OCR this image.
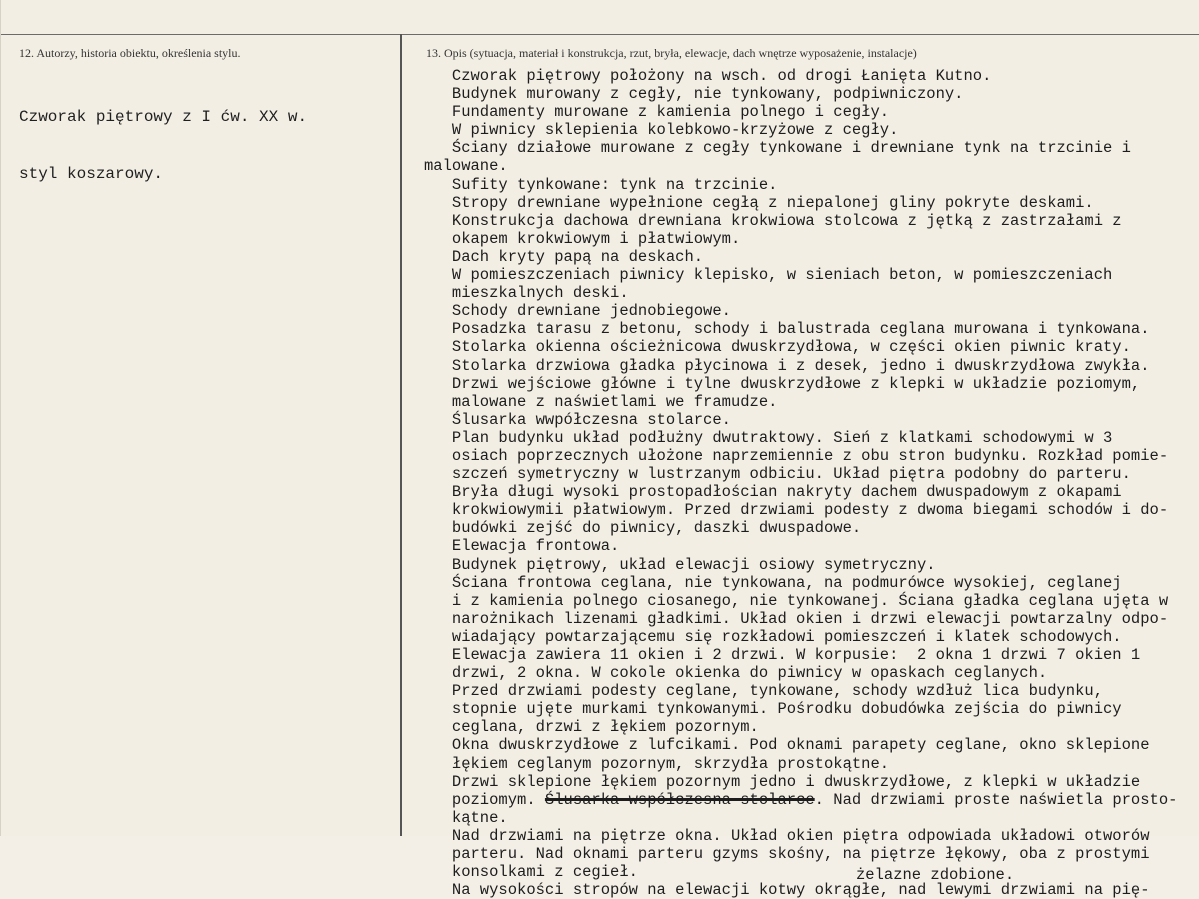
12. Autorzy, historia obiektu, określenia stylu.	13. Opis (sytuacja, materiał i konstrukcja, rzut, bryła, elewacje, dach wnętrze wyposażenie, instalacje)

Czworak piętrowy z I ćw. XX w.

styl koszarowy.

Czworak piętrowy położony na wsch. od drogi Łanięta Kutno.
Budynek murowany z cegły, nie tynkowany, podpiwniczony.
Fundamenty murowane z kamienia polnego i cegły.
W piwnicy sklepienia kolebkowo-krzyżowe z cegły.
Ściany działowe murowane z cegły tynkowane i drewniane tynk na trzcinie i
malowane.
Sufity tynkowane: tynk na trzcinie.
Stropy drewniane wypełnione cegłą z niepalonej gliny pokryte deskami.
Konstrukcja dachowa drewniana krokwiowa stolcowa z jętką z zastrzałami z
okapem krokwiowym i płatwiowym.
Dach kryty papą na deskach.
W pomieszczeniach piwnicy klepisko, w sieniach beton, w pomieszczeniach
mieszkalnych deski.
Schody drewniane jednobiegowe.
Posadzka tarasu z betonu, schody i balustrada ceglana murowana i tynkowana.
Stolarka okienna ościeżnicowa dwuskrzydłowa, w części okien piwnic kraty.
Stolarka drzwiowa gładka płycinowa i z desek, jedno i dwuskrzydłowa zwykła.
Drzwi wejściowe główne i tylne dwuskrzydłowe z klepki w układzie poziomym,
malowane z naświetlami we framudze.
Ślusarka wwpółczesna stolarce.
Plan budynku układ podłużny dwutraktowy. Sień z klatkami schodowymi w 3
osiach poprzecznych ułożone naprzemiennie z obu stron budynku. Rozkład pomie-
szczeń symetryczny w lustrzanym odbiciu. Układ piętra podobny do parteru.
Bryła długi wysoki prostopadłościan nakryty dachem dwuspadowym z okapami
krokwiowymii płatwiowym. Przed drzwiami podesty z dwoma biegami schodów i do-
budówki zejść do piwnicy, daszki dwuspadowe.
Elewacja frontowa.
Budynek piętrowy, układ elewacji osiowy symetryczny.
Ściana frontowa ceglana, nie tynkowana, na podmurówce wysokiej, ceglanej
i z kamienia polnego ciosanego, nie tynkowanej. Ściana gładka ceglana ujęta w
narożnikach lizenami gładkimi. Układ okien i drzwi elewacji powtarzalny odpo-
wiadający powtarzającemu się rozkładowi pomieszczeń i klatek schodowych.
Elewacja zawiera 11 okien i 2 drzwi. W korpusie:  2 okna 1 drzwi 7 okien 1
drzwi, 2 okna. W cokole okienka do piwnicy w opaskach ceglanych.
Przed drzwiami podesty ceglane, tynkowane, schody wzdłuż lica budynku,
stopnie ujęte murkami tynkowanymi. Pośrodku dobudówka zejścia do piwnicy
ceglana, drzwi z łękiem pozornym.
Okna dwuskrzydłowe z lufcikami. Pod oknami parapety ceglane, okno sklepione
łękiem ceglanym pozornym, skrzydła prostokątne.
Drzwi sklepione łękiem pozornym jedno i dwuskrzydłowe, z klepki w układzie
poziomym. Ślusarka współczesna stolarce. Nad drzwiami proste naświetla prosto-
kątne.
Nad drzwiami na piętrze okna. Układ okien piętra odpowiada układowi otworów
parteru. Nad oknami parteru gzyms skośny, na piętrze łękowy, oba z prostymi
konsolkami z cegieł.	żelazne zdobione.
Na wysokości stropów na elewacji kotwy okrągłe, nad lewymi drzwiami na pię-
